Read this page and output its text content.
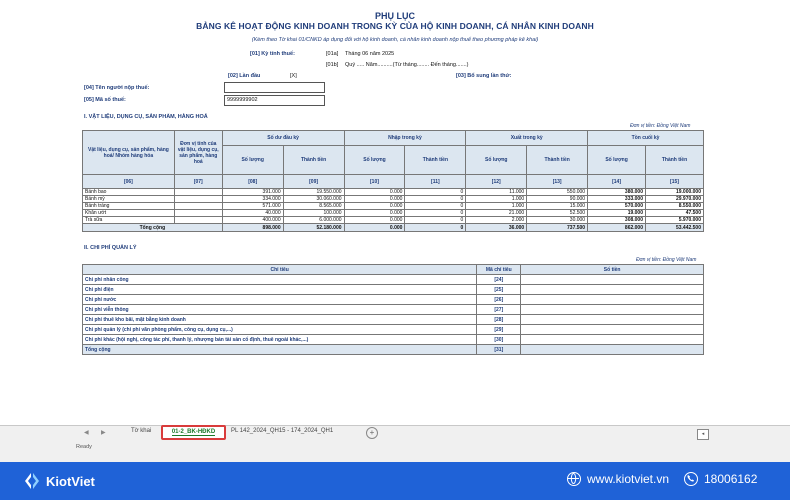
PHỤ LỤC
BẢNG KÊ HOẠT ĐỘNG KINH DOANH TRONG KỲ CỦA HỘ KINH DOANH, CÁ NHÂN KINH DOANH
(Kèm theo Tờ khai 01/CNKD áp dụng đối với hộ kinh doanh, cá nhân kinh doanh nộp thuế theo phương pháp kê khai)
[01] Kỳ tính thuế:	[01a] Tháng 06 năm 2025
[01b] Quý ..... Năm..........(Từ tháng........ Đến tháng.......)
[02] Lần đầu	[X]	[03] Bổ sung lần thứ:
[04] Tên người nộp thuế:
[05] Mã số thuế:	9999999902
I. VẬT LIỆU, DỤNG CỤ, SẢN PHẨM, HÀNG HOÁ
Đơn vị tiền: Đồng Việt Nam
Vật liệu, dụng cụ, sản phẩm, hàng hoá/ Nhóm hàng hóa	Đơn vị tính của vật liệu, dụng cụ, sản phẩm, hàng hoá	Số dư đầu kỳ		Nhập trong kỳ		Xuất trong kỳ		Tồn cuối kỳ	
		Số lượng	Thành tiền	Số lượng	Thành tiền	Số lượng	Thành tiền	Số lượng	Thành tiền
[06]	[07]	[08]	[09]	[10]	[11]	[12]	[13]	[14]	[15]
Bánh bao		391.000	19.550.000	0.000	0	11.000	550.000	380.000	19.000.000
Bánh mỳ		334.000	30.060.000	0.000	0	1.000	90.000	333.000	29.970.000
Bánh tráng		571.000	8.565.000	0.000	0	1.000	15.000	570.000	8.550.000
Khăn ướt		40.000	100.000	0.000	0	21.000	52.500	19.000	47.500
Trà sữa		400.000	6.000.000	0.000	0	2.000	30.000	308.000	5.970.000
Tổng cộng		898.000	52.180.000	0.000	0	36.000	737.500	862.000	53.442.500
II. CHI PHÍ QUẢN LÝ
Đơn vị tiền: Đồng Việt Nam
Chỉ tiêu	Mã chỉ tiêu	Số tiền
Chi phí nhân công	[24]	
Chi phí điện	[25]	
Chi phí nước	[26]	
Chi phí viễn thông	[27]	
Chi phí thuê kho bãi, mặt bằng kinh doanh	[28]	
Chi phí quản lý (chi phí văn phòng phẩm, công cụ, dụng cụ,...)	[29]	
Chi phí khác (hội nghị, công tác phí, thanh lý, nhượng bán tài sản cố định, thuê ngoài khác,...)	[30]	
Tổng cộng	[31]	
◀ ▶	Tờ khai	01-2_BK-HĐKD	PL 142_2024_QH15 - 174_2024_QH1	+	◂
Ready
KiotViet	www.kiotviet.vn	18006162
